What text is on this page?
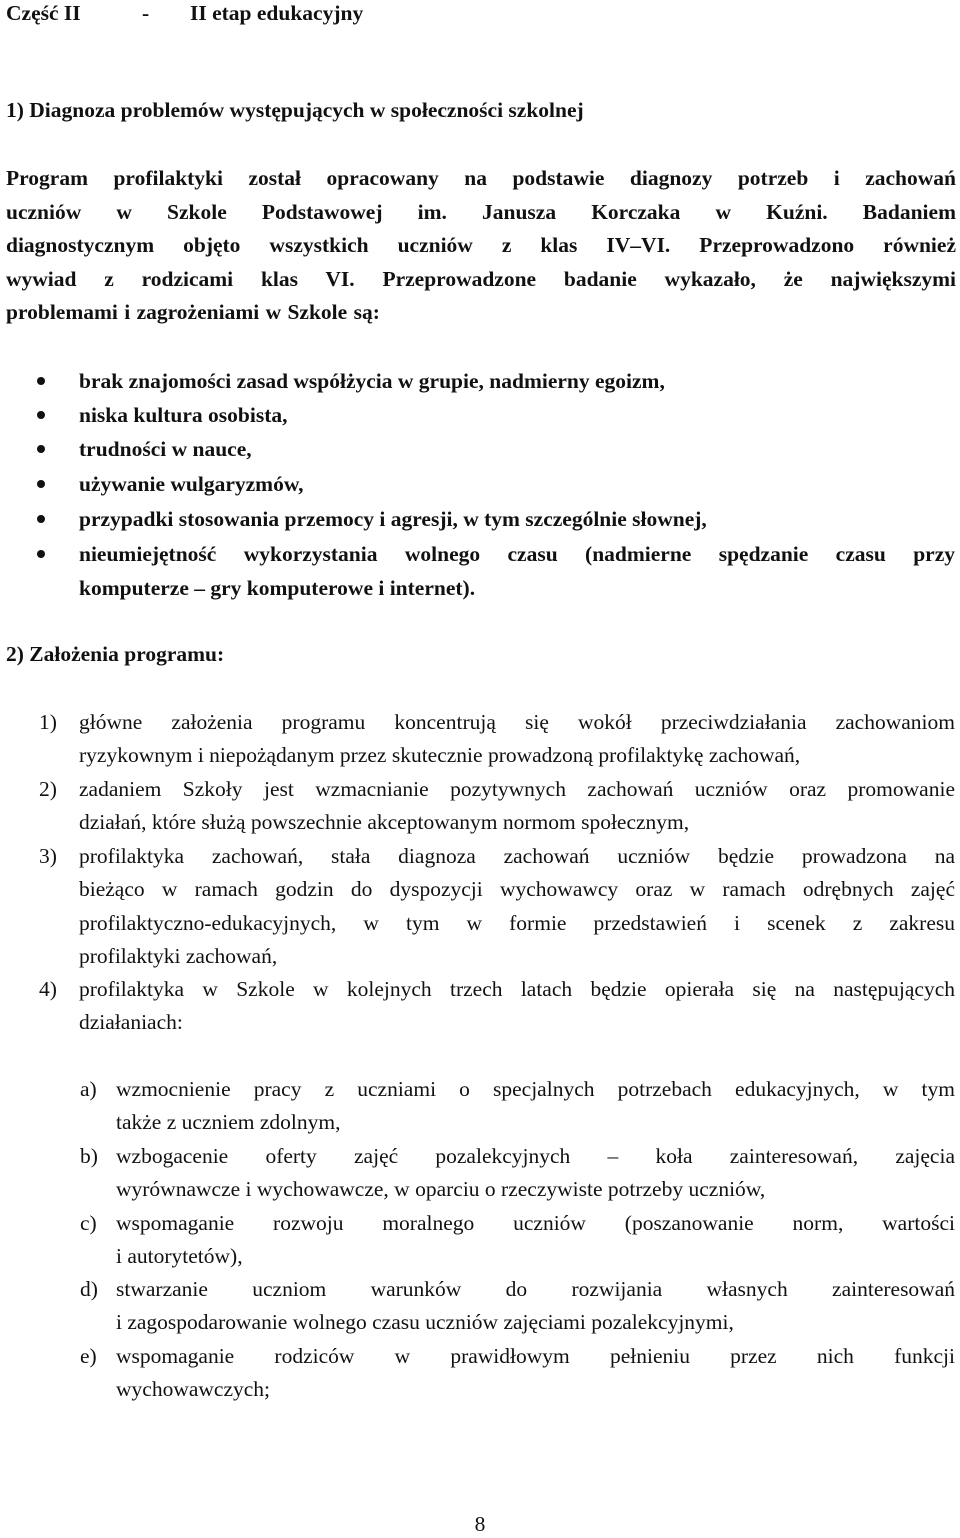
Część II	- II etap edukacyjny
1) Diagnoza problemów występujących w społeczności szkolnej
Program profilaktyki został opracowany na podstawie diagnozy potrzeb i zachowań
uczniów w Szkole Podstawowej im. Janusza Korczaka w Kuźni. Badaniem
diagnostycznym objęto wszystkich uczniów z klas IV–VI. Przeprowadzono również
wywiad z rodzicami klas VI. Przeprowadzone badanie wykazało, że największymi
problemami i zagrożeniami w Szkole są:
brak znajomości zasad współżycia w grupie, nadmierny egoizm,
niska kultura osobista,
trudności w nauce,
używanie wulgaryzmów,
przypadki stosowania przemocy i agresji, w tym szczególnie słownej,
nieumiejętność wykorzystania wolnego czasu (nadmierne spędzanie czasu przy
komputerze – gry komputerowe i internet).
2) Założenia programu:
1) główne założenia programu koncentrują się wokół przeciwdziałania zachowaniom
ryzykownym i niepożądanym przez skutecznie prowadzoną profilaktykę zachowań,
2) zadaniem Szkoły jest wzmacnianie pozytywnych zachowań uczniów oraz promowanie
działań, które służą powszechnie akceptowanym normom społecznym,
3) profilaktyka zachowań, stała diagnoza zachowań uczniów będzie prowadzona na
bieżąco w ramach godzin do dyspozycji wychowawcy oraz w ramach odrębnych zajęć
profilaktyczno-edukacyjnych, w tym w formie przedstawień i scenek z zakresu
profilaktyki zachowań,
4) profilaktyka w Szkole w kolejnych trzech latach będzie opierała się na następujących
działaniach:
a) wzmocnienie pracy z uczniami o specjalnych potrzebach edukacyjnych, w tym
także z uczniem zdolnym,
b) wzbogacenie oferty zajęć pozalekcyjnych – koła zainteresowań, zajęcia
wyrównawcze i wychowawcze, w oparciu o rzeczywiste potrzeby uczniów,
c) wspomaganie rozwoju moralnego uczniów (poszanowanie norm, wartości
i autorytetów),
d) stwarzanie uczniom warunków do rozwijania własnych zainteresowań
i zagospodarowanie wolnego czasu uczniów zajęciami pozalekcyjnymi,
e) wspomaganie rodziców w prawidłowym pełnieniu przez nich funkcji
wychowawczych;
8
